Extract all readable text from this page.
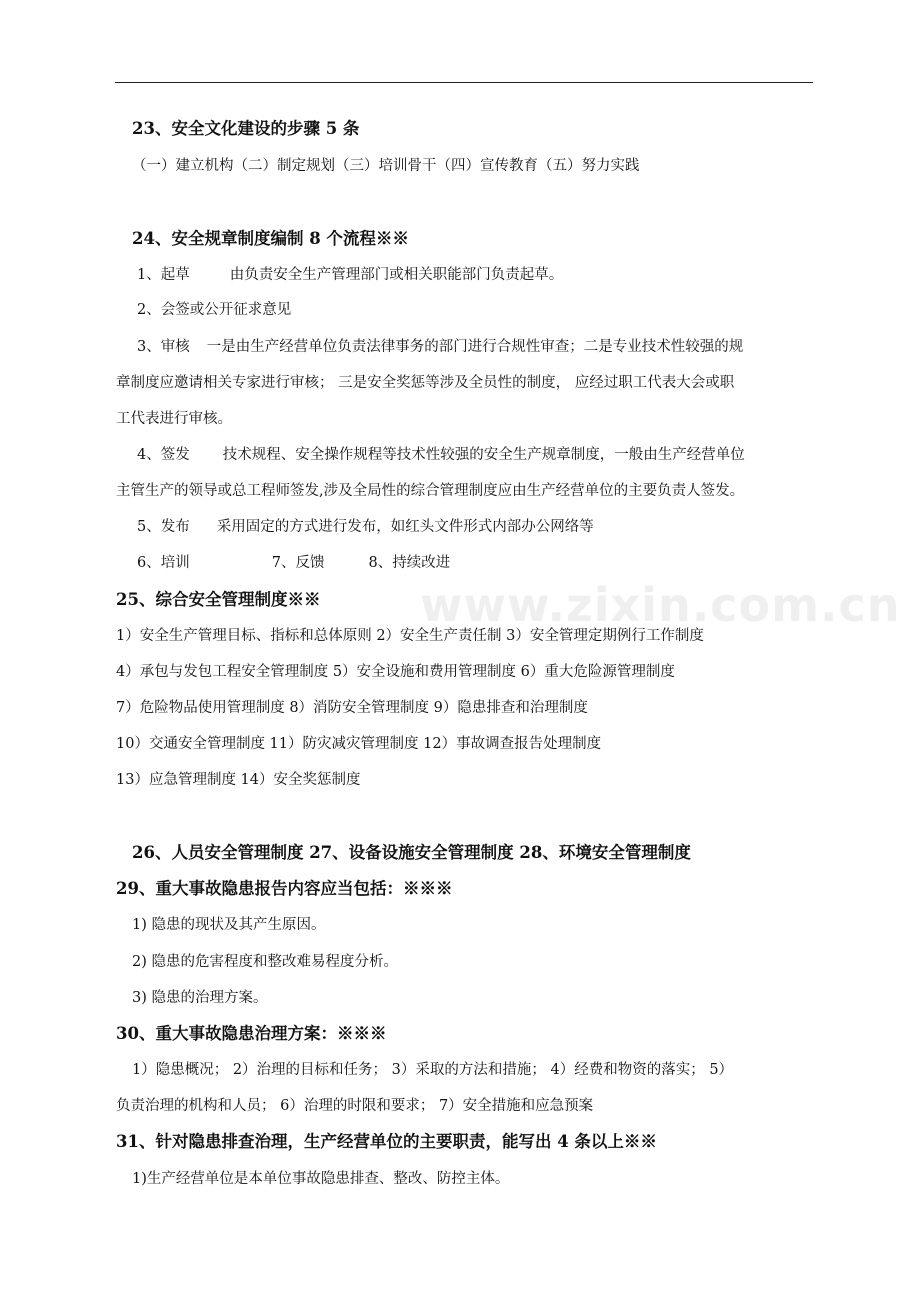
www.zixin.com.cn
23、安全文化建设的步骤 5 条
（一）建立机构（二）制定规划（三）培训骨干（四）宣传教育（五）努力实践
24、安全规章制度编制 8 个流程※※
1、起草	由负责安全生产管理部门或相关职能部门负责起草。
2、会签或公开征求意见
3、审核 一是由生产经营单位负责法律事务的部门进行合规性审查；二是专业技术性较强的规
章制度应邀请相关专家进行审核； 三是安全奖惩等涉及全员性的制度， 应经过职工代表大会或职
工代表进行审核。
4、签发 技术规程、安全操作规程等技术性较强的安全生产规章制度，一般由生产经营单位
主管生产的领导或总工程师签发,涉及全局性的综合管理制度应由生产经营单位的主要负责人签发。
5、发布 采用固定的方式进行发布，如红头文件形式内部办公网络等
6、培训	7、反馈	8、持续改进
25、综合安全管理制度※※
1）安全生产管理目标、指标和总体原则 2）安全生产责任制 3）安全管理定期例行工作制度
4）承包与发包工程安全管理制度 5）安全设施和费用管理制度 6）重大危险源管理制度
7）危险物品使用管理制度 8）消防安全管理制度 9）隐患排查和治理制度
10）交通安全管理制度 11）防灾减灾管理制度 12）事故调查报告处理制度
13）应急管理制度 14）安全奖惩制度
26、人员安全管理制度 27、设备设施安全管理制度 28、环境安全管理制度
29、重大事故隐患报告内容应当包括：※※※
1) 隐患的现状及其产生原因。
2) 隐患的危害程度和整改难易程度分析。
3) 隐患的治理方案。
30、重大事故隐患治理方案：※※※
1）隐患概况； 2）治理的目标和任务； 3）采取的方法和措施； 4）经费和物资的落实； 5）
负责治理的机构和人员； 6）治理的时限和要求； 7）安全措施和应急预案
31、针对隐患排查治理，生产经营单位的主要职责，能写出 4 条以上※※
1)生产经营单位是本单位事故隐患排查、整改、防控主体。
